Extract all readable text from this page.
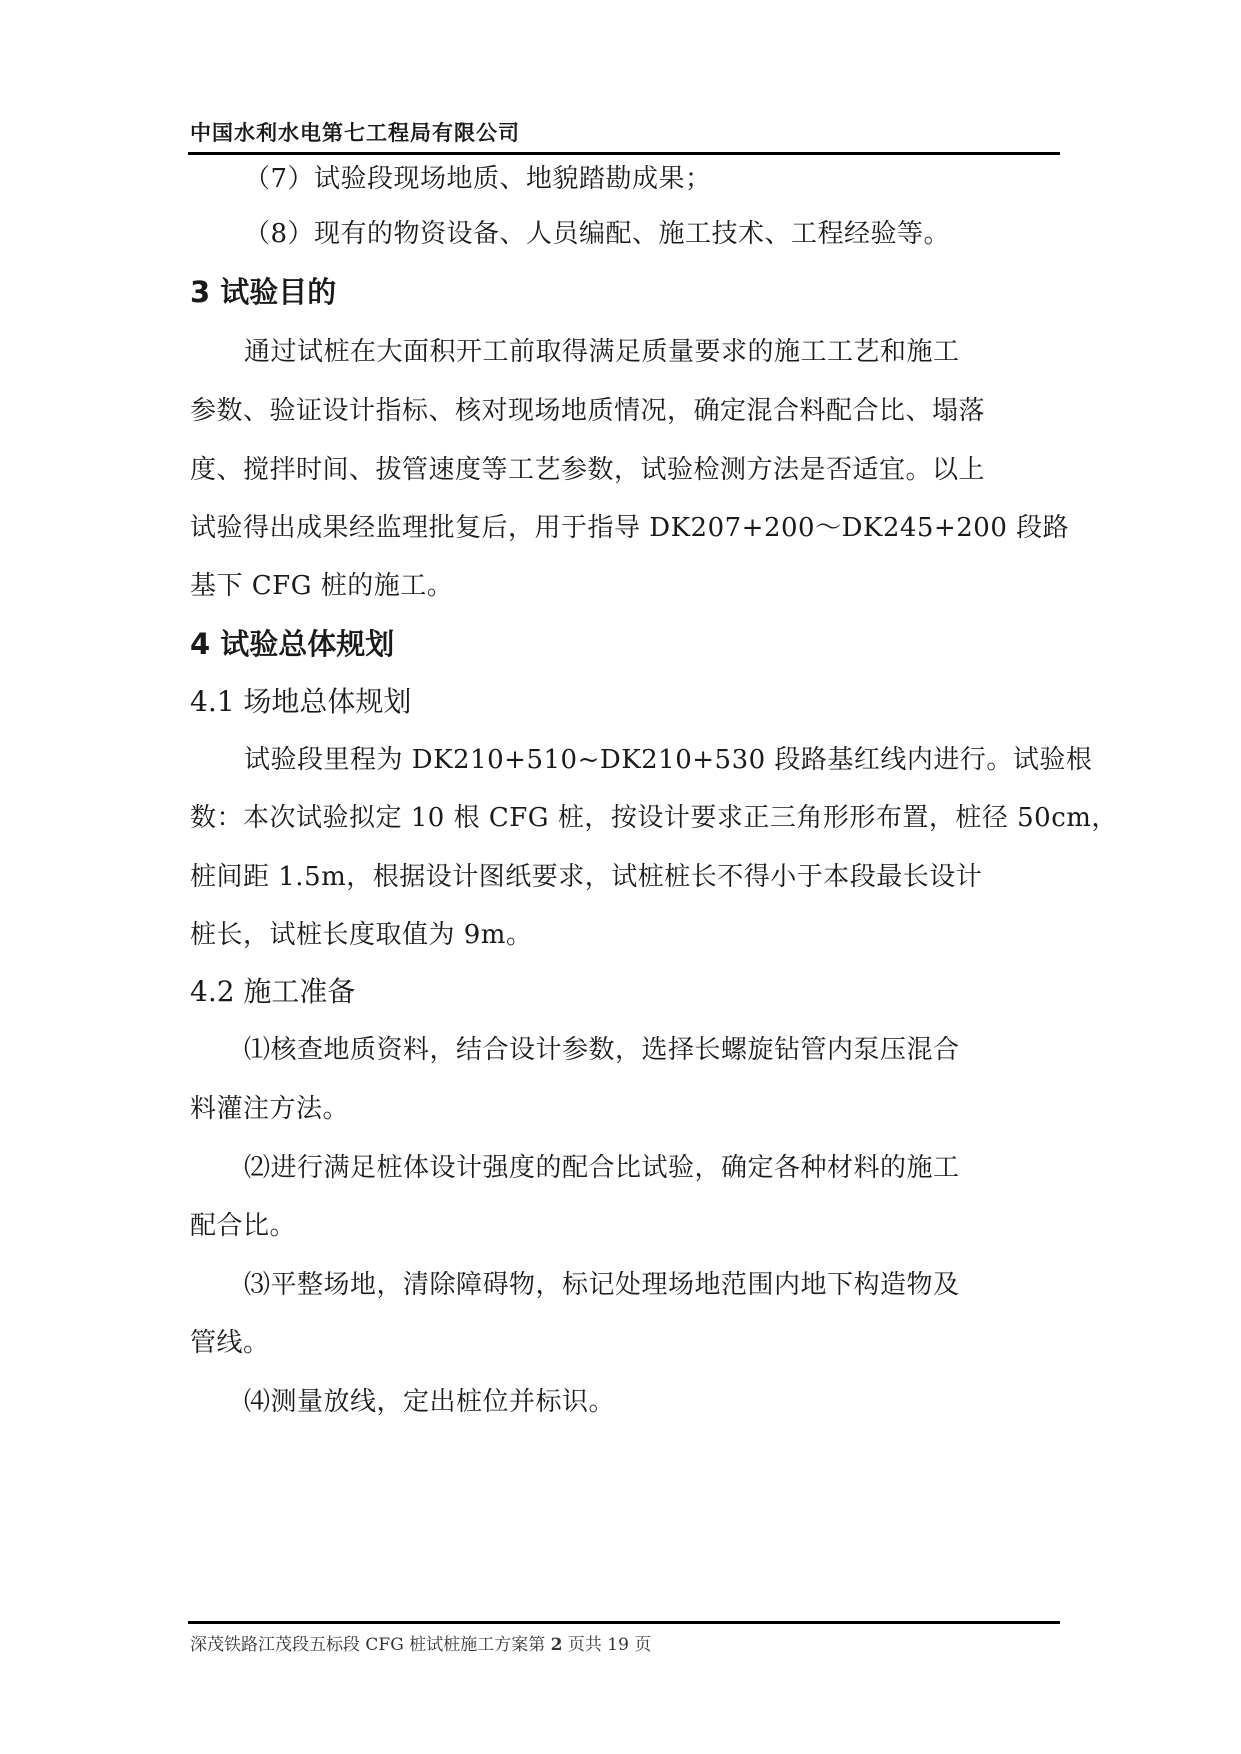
中国水利水电第七工程局有限公司
（7）试验段现场地质、地貌踏勘成果；
（8）现有的物资设备、人员编配、施工技术、工程经验等。
3 试验目的
通过试桩在大面积开工前取得满足质量要求的施工工艺和施工
参数、验证设计指标、核对现场地质情况，确定混合料配合比、塌落
度、搅拌时间、拔管速度等工艺参数，试验检测方法是否适宜。以上
试验得出成果经监理批复后，用于指导 DK207+200～DK245+200 段路
基下 CFG 桩的施工。
4 试验总体规划
4.1 场地总体规划
试验段里程为 DK210+510~DK210+530 段路基红线内进行。试验根
数：本次试验拟定 10 根 CFG 桩，按设计要求正三角形形布置，桩径 50cm，
桩间距 1.5m，根据设计图纸要求，试桩桩长不得小于本段最长设计
桩长，试桩长度取值为 9m。
4.2 施工准备
⑴核查地质资料，结合设计参数，选择长螺旋钻管内泵压混合
料灌注方法。
⑵进行满足桩体设计强度的配合比试验，确定各种材料的施工
配合比。
⑶平整场地，清除障碍物，标记处理场地范围内地下构造物及
管线。
⑷测量放线，定出桩位并标识。
深茂铁路江茂段五标段 CFG 桩试桩施工方案第 2 页共 19 页
